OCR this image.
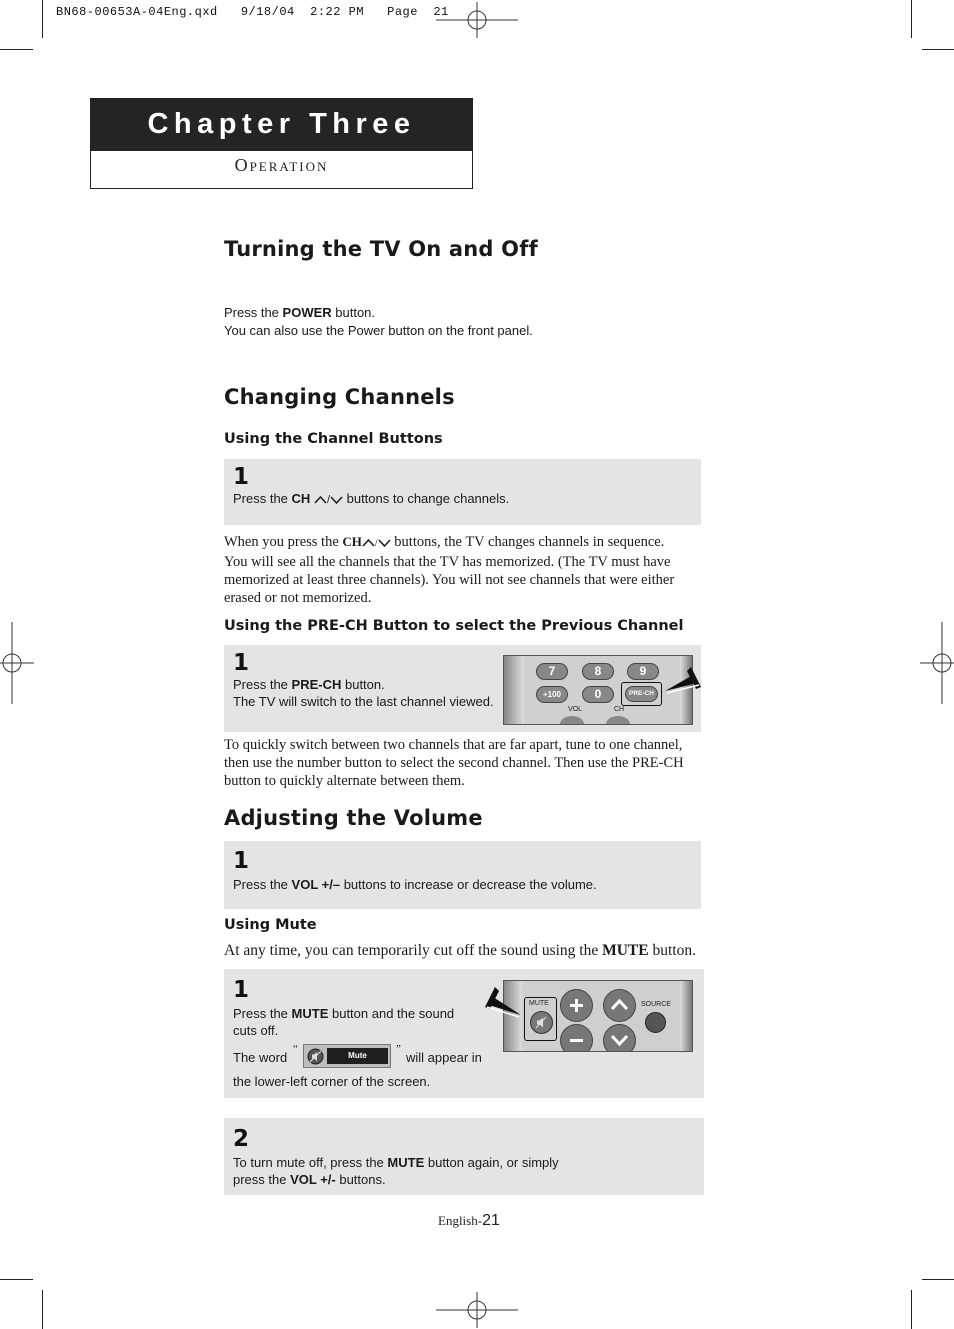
BN68-00653A-04Eng.qxd   9/18/04  2:22 PM   Page  21
Chapter Three
Operation
Turning the TV On and Off
Press the POWER button.
You can also use the Power button on the front panel.
Changing Channels
Using the Channel Buttons
1
Press the CH / buttons to change channels.
When you press the CH / buttons, the TV changes channels in sequence.
You will see all the channels that the TV has memorized. (The TV must have
memorized at least three channels). You will not see channels that were either
erased or not memorized.
Using the PRE-CH Button to select the Previous Channel
1
Press the PRE-CH button.
The TV will switch to the last channel viewed.
7	8	9
+100	0	PRE-CH
VOL	CH
To quickly switch between two channels that are far apart, tune to one channel,
then use the number button to select the second channel. Then use the PRE-CH
button to quickly alternate between them.
Adjusting the Volume
1
Press the VOL +/– buttons to increase or decrease the volume.
Using Mute
At any time, you can temporarily cut off the sound using the MUTE button.
1
Press the MUTE button and the sound
cuts off.
The word
“
Mute
”
will appear in
the lower-left corner of the screen.
MUTE	SOURCE
2
To turn mute off, press the MUTE button again, or simply
press the VOL +/- buttons.
English-21
